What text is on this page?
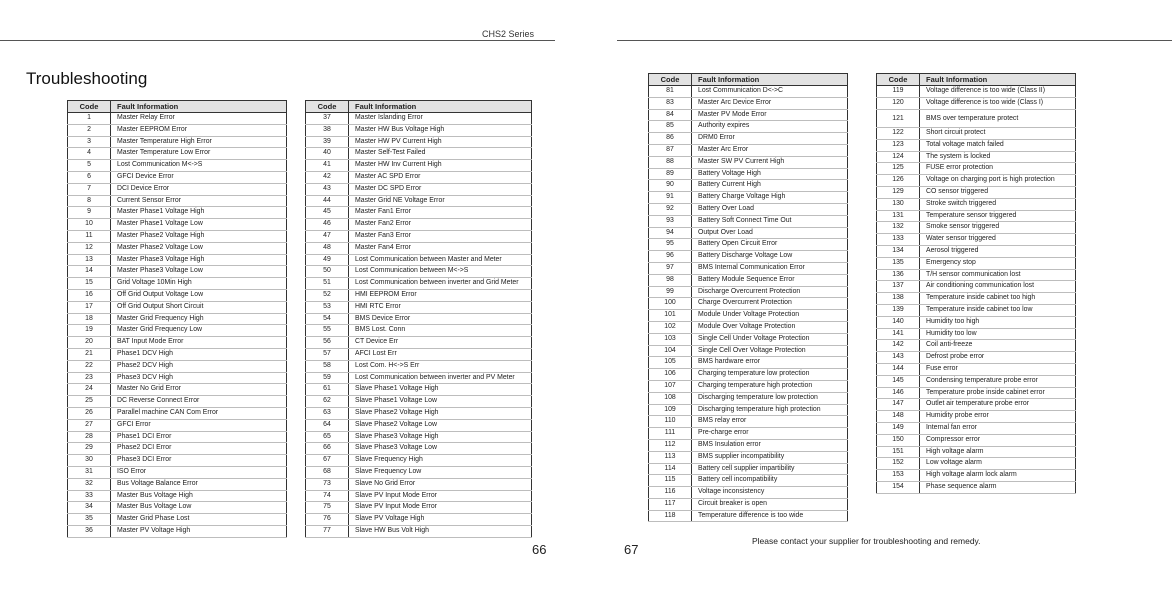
CHS2 Series
Troubleshooting
Code	Fault Information
1	Master Relay Error
2	Master EEPROM Error
3	Master Temperature High Error
4	Master Temperature Low Error
5	Lost Communication M<->S
6	GFCI Device Error
7	DCI Device Error
8	Current Sensor Error
9	Master Phase1 Voltage High
10	Master Phase1 Voltage Low
11	Master Phase2 Voltage High
12	Master Phase2 Voltage Low
13	Master Phase3 Voltage High
14	Master Phase3 Voltage Low
15	Grid Voltage 10Min High
16	Off Grid Output Voltage Low
17	Off Grid Output Short Circuit
18	Master Grid Frequency High
19	Master Grid Frequency Low
20	BAT Input Mode Error
21	Phase1 DCV High
22	Phase2 DCV High
23	Phase3 DCV High
24	Master No Grid Error
25	DC Reverse Connect Error
26	Parallel machine CAN Com Error
27	GFCI Error
28	Phase1 DCI Error
29	Phase2 DCI Error
30	Phase3 DCI Error
31	ISO Error
32	Bus Voltage Balance Error
33	Master Bus Voltage High
34	Master Bus Voltage Low
35	Master Grid Phase Lost
36	Master PV Voltage High
Code	Fault Information
37	Master Islanding Error
38	Master HW Bus Voltage High
39	Master HW PV Current High
40	Master Self-Test Failed
41	Master HW Inv Current High
42	Master AC SPD Error
43	Master DC SPD Error
44	Master Grid NE Voltage Error
45	Master Fan1 Error
46	Master Fan2 Error
47	Master Fan3 Error
48	Master Fan4 Error
49	Lost Communication between Master and Meter
50	Lost Communication between M<->S
51	Lost Communication between inverter and Grid Meter
52	HMI EEPROM Error
53	HMI RTC Error
54	BMS Device Error
55	BMS Lost. Conn
56	CT Device Err
57	AFCI Lost Err
58	Lost Com. H<->S Err
59	Lost Communication between inverter and PV Meter
61	Slave Phase1 Voltage High
62	Slave Phase1 Voltage Low
63	Slave Phase2 Voltage High
64	Slave Phase2 Voltage Low
65	Slave Phase3 Voltage High
66	Slave Phase3 Voltage Low
67	Slave Frequency High
68	Slave Frequency Low
73	Slave No Grid Error
74	Slave PV Input Mode Error
75	Slave PV Input Mode Error
76	Slave PV Voltage High
77	Slave HW Bus Volt High
Code	Fault Information
81	Lost Communication D<->C
83	Master Arc Device Error
84	Master PV Mode Error
85	Authority expires
86	DRM0 Error
87	Master Arc Error
88	Master SW PV Current High
89	Battery Voltage High
90	Battery Current High
91	Battery Charge Voltage High
92	Battery Over Load
93	Battery Soft Connect Time Out
94	Output Over Load
95	Battery Open Circuit Error
96	Battery Discharge Voltage Low
97	BMS Internal Communication Error
98	Battery Module Sequence Error
99	Discharge Overcurrent Protection
100	Charge Overcurrent Protection
101	Module Under Voltage Protection
102	Module Over Voltage Protection
103	Single Cell Under Voltage Protection
104	Single Cell Over Voltage Protection
105	BMS hardware error
106	Charging temperature low protection
107	Charging temperature high protection
108	Discharging temperature low protection
109	Discharging temperature high protection
110	BMS relay error
111	Pre-charge error
112	BMS Insulation error
113	BMS supplier incompatibility
114	Battery cell supplier impartibility
115	Battery cell incompatibility
116	Voltage inconsistency
117	Circuit breaker is open
118	Temperature difference is too wide
Code	Fault Information
119	Voltage difference is too wide (Class II)
120	Voltage difference is too wide (Class I)
121	BMS over temperature protect
122	Short circuit protect
123	Total voltage match failed
124	The system is locked
125	FUSE error protection
126	Voltage on charging port is high protection
129	CO sensor triggered
130	Stroke switch triggered
131	Temperature sensor triggered
132	Smoke sensor triggered
133	Water sensor triggered
134	Aerosol triggered
135	Emergency stop
136	T/H sensor communication lost
137	Air conditioning communication lost
138	Temperature inside cabinet too high
139	Temperature inside cabinet too low
140	Humidity too high
141	Humidity too low
142	Coil anti-freeze
143	Defrost probe error
144	Fuse error
145	Condensing temperature probe error
146	Temperature probe inside cabinet error
147	Outlet air temperature probe error
148	Humidity probe error
149	Internal fan error
150	Compressor error
151	High voltage alarm
152	Low voltage alarm
153	High voltage alarm lock alarm
154	Phase sequence alarm
66	67
Please contact your supplier for troubleshooting and remedy.
